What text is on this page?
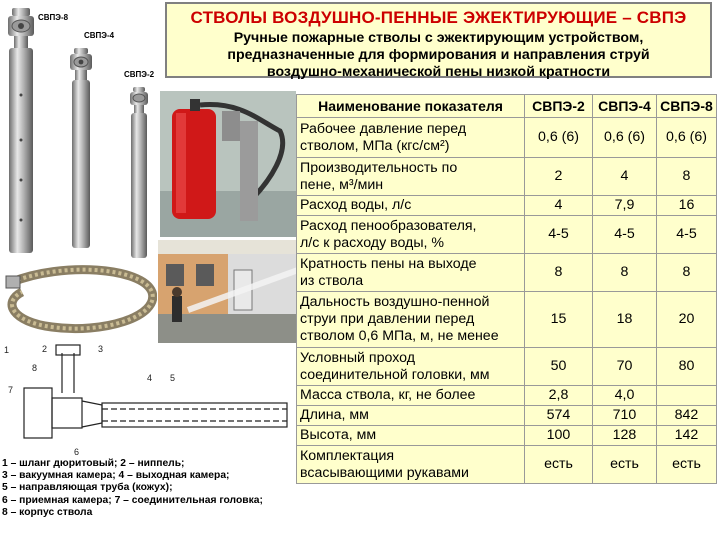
СТВОЛЫ ВОЗДУШНО-ПЕННЫЕ ЭЖЕКТИРУЮЩИЕ – СВПЭ
Ручные пожарные стволы с эжектирующим устройством,
предназначенные для формирования и направления струй
воздушно-механической пены низкой кратности
СВПЭ-8
СВПЭ-4
СВПЭ-2
2	3
4 5
6
7
8
1
1 – шланг дюритовый; 2 – ниппель;
3 – вакуумная камера; 4 – выходная камера;
5 – направляющая труба (кожух);
6 – приемная камера; 7 – соединительная головка;
8 – корпус ствола
Наименование показателя	СВПЭ-2	СВПЭ-4	СВПЭ-8
Рабочее давление перед
стволом, МПа (кгс/см²)	0,6 (6)	0,6 (6)	0,6 (6)
Производительность по
пене, м³/мин	2	4	8
Расход воды, л/с	4	7,9	16
Расход пенообразователя,
л/с к расходу воды, %	4-5	4-5	4-5
Кратность пены на выходе
из ствола	8	8	8
Дальность воздушно-пенной
струи при давлении перед
стволом 0,6 МПа, м, не менее	15	18	20
Условный проход
соединительной головки, мм	50	70	80
Масса ствола, кг, не более	2,8	4,0	
Длина, мм	574	710	842
Высота, мм	100	128	142
Комплектация
всасывающими рукавами	есть	есть	есть
